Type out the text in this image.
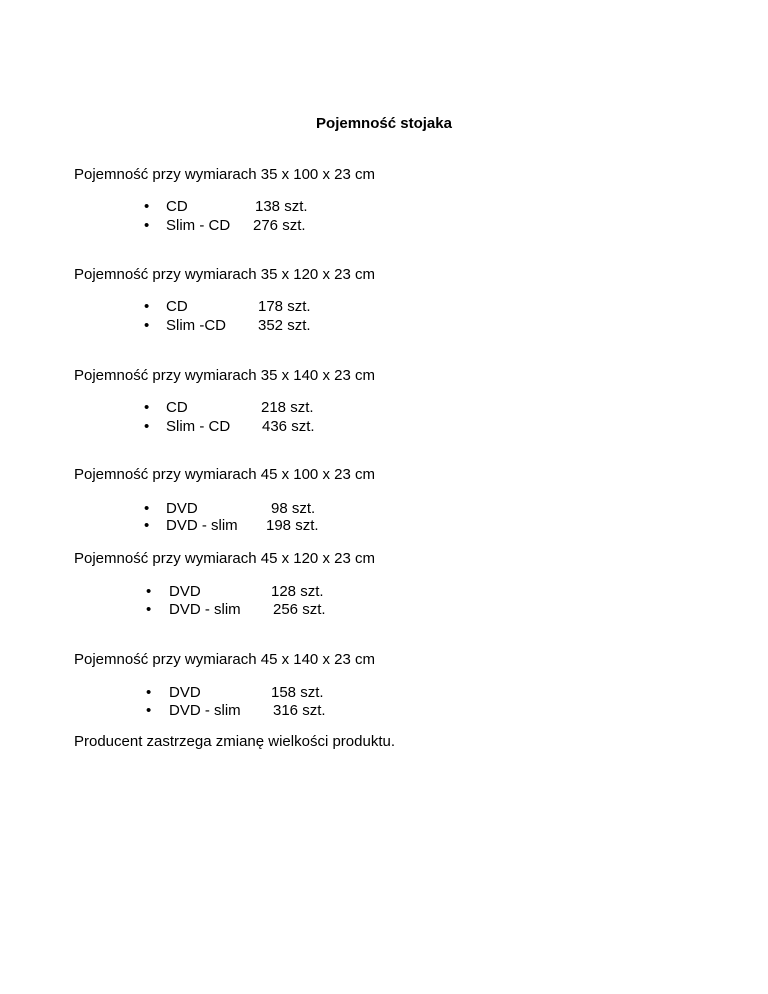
Pojemność stojaka
Pojemność przy wymiarach 35 x 100 x 23 cm
• CD	138 szt.
• Slim - CD 276 szt.
Pojemność przy wymiarach 35 x 120 x 23 cm
• CD	178 szt.
• Slim -CD 352 szt.
Pojemność przy wymiarach 35 x 140 x 23 cm
• CD	218 szt.
• Slim - CD 436 szt.
Pojemność przy wymiarach 45 x 100 x 23 cm
• DVD	98 szt.
• DVD - slim 198 szt.
Pojemność przy wymiarach 45 x 120 x 23 cm
• DVD	128 szt.
• DVD - slim 256 szt.
Pojemność przy wymiarach 45 x 140 x 23 cm
• DVD	158 szt.
• DVD - slim 316 szt.
Producent zastrzega zmianę wielkości produktu.
